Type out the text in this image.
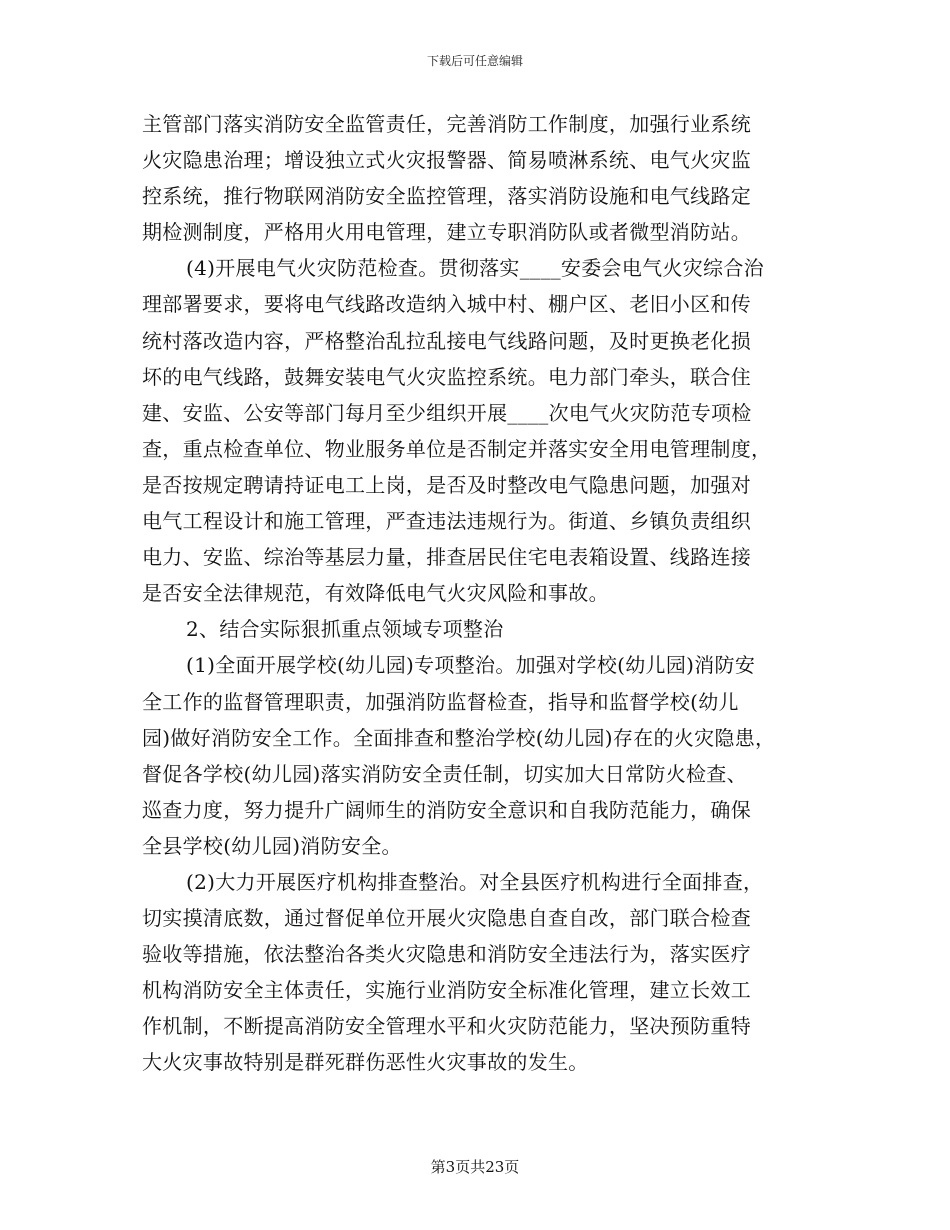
下载后可任意编辑
主管部门落实消防安全监管责任，完善消防工作制度，加强行业系统
火灾隐患治理；增设独立式火灾报警器、简易喷淋系统、电气火灾监
控系统，推行物联网消防安全监控管理，落实消防设施和电气线路定
期检测制度，严格用火用电管理，建立专职消防队或者微型消防站。
(4)开展电气火灾防范检查。贯彻落实____安委会电气火灾综合治
理部署要求，要将电气线路改造纳入城中村、棚户区、老旧小区和传
统村落改造内容，严格整治乱拉乱接电气线路问题，及时更换老化损
坏的电气线路，鼓舞安装电气火灾监控系统。电力部门牵头，联合住
建、安监、公安等部门每月至少组织开展____次电气火灾防范专项检
查，重点检查单位、物业服务单位是否制定并落实安全用电管理制度，
是否按规定聘请持证电工上岗，是否及时整改电气隐患问题，加强对
电气工程设计和施工管理，严查违法违规行为。街道、乡镇负责组织
电力、安监、综治等基层力量，排查居民住宅电表箱设置、线路连接
是否安全法律规范，有效降低电气火灾风险和事故。
2、结合实际狠抓重点领域专项整治
(1)全面开展学校(幼儿园)专项整治。加强对学校(幼儿园)消防安
全工作的监督管理职责，加强消防监督检查，指导和监督学校(幼儿
园)做好消防安全工作。全面排查和整治学校(幼儿园)存在的火灾隐患，
督促各学校(幼儿园)落实消防安全责任制，切实加大日常防火检查、
巡查力度，努力提升广阔师生的消防安全意识和自我防范能力，确保
全县学校(幼儿园)消防安全。
(2)大力开展医疗机构排查整治。对全县医疗机构进行全面排查，
切实摸清底数，通过督促单位开展火灾隐患自查自改，部门联合检查
验收等措施，依法整治各类火灾隐患和消防安全违法行为，落实医疗
机构消防安全主体责任，实施行业消防安全标准化管理，建立长效工
作机制，不断提高消防安全管理水平和火灾防范能力，坚决预防重特
大火灾事故特别是群死群伤恶性火灾事故的发生。
第3页共23页
